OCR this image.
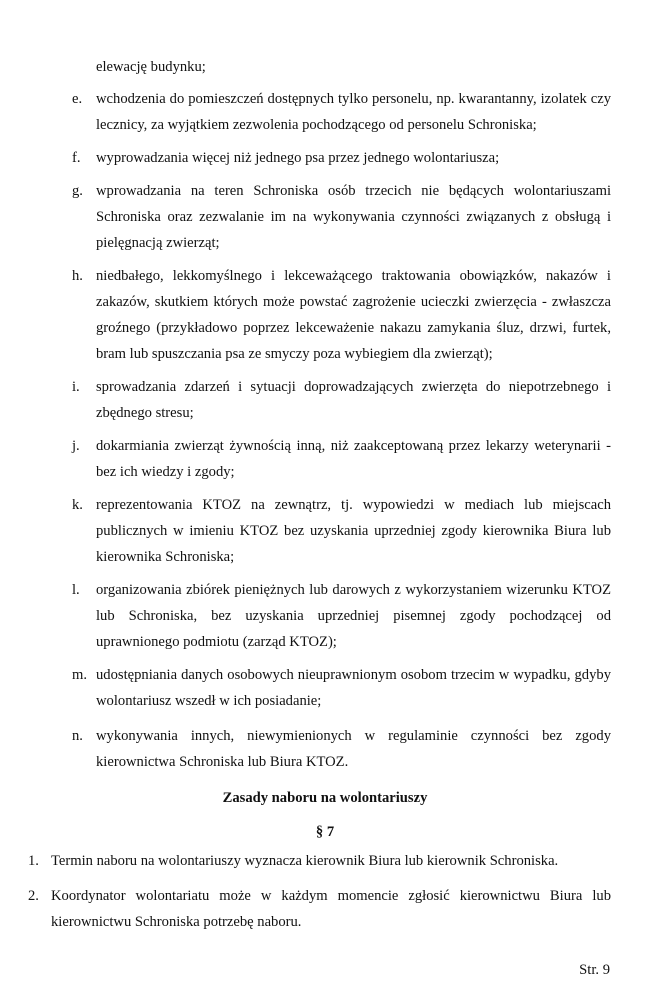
elewację budynku;
e. wchodzenia do pomieszczeń dostępnych tylko personelu, np. kwarantanny, izolatek czy lecznicy, za wyjątkiem zezwolenia pochodzącego od personelu Schroniska;
f. wyprowadzania więcej niż jednego psa przez jednego wolontariusza;
g. wprowadzania na teren Schroniska osób trzecich nie będących wolontariuszami Schroniska oraz zezwalanie im na wykonywania czynności związanych z obsługą i pielęgnacją zwierząt;
h. niedbałego, lekkomyślnego i lekceważącego traktowania obowiązków, nakazów i zakazów, skutkiem których może powstać zagrożenie ucieczki zwierzęcia - zwłaszcza groźnego (przykładowo poprzez lekceważenie nakazu zamykania śluz, drzwi, furtek, bram lub spuszczania psa ze smyczy poza wybiegiem dla zwierząt);
i. sprowadzania zdarzeń i sytuacji doprowadzających zwierzęta do niepotrzebnego i zbędnego stresu;
j. dokarmiania zwierząt żywnością inną, niż zaakceptowaną przez lekarzy weterynarii - bez ich wiedzy i zgody;
k. reprezentowania KTOZ na zewnątrz, tj. wypowiedzi w mediach lub miejscach publicznych w imieniu KTOZ bez uzyskania uprzedniej zgody kierownika Biura lub kierownika Schroniska;
l. organizowania zbiórek pieniężnych lub darowych z wykorzystaniem wizerunku KTOZ lub Schroniska, bez uzyskania uprzedniej pisemnej zgody pochodzącej od uprawnionego podmiotu (zarząd KTOZ);
m. udostępniania danych osobowych nieuprawnionym osobom trzecim w wypadku, gdyby wolontariusz wszedł w ich posiadanie;
n. wykonywania innych, niewymienionych w regulaminie czynności bez zgody kierownictwa Schroniska lub Biura KTOZ.
Zasady naboru na wolontariuszy
§ 7
1. Termin naboru na wolontariuszy wyznacza kierownik Biura lub kierownik Schroniska.
2. Koordynator wolontariatu może w każdym momencie zgłosić kierownictwu Biura lub kierownictwu Schroniska potrzebę naboru.
Str. 9
